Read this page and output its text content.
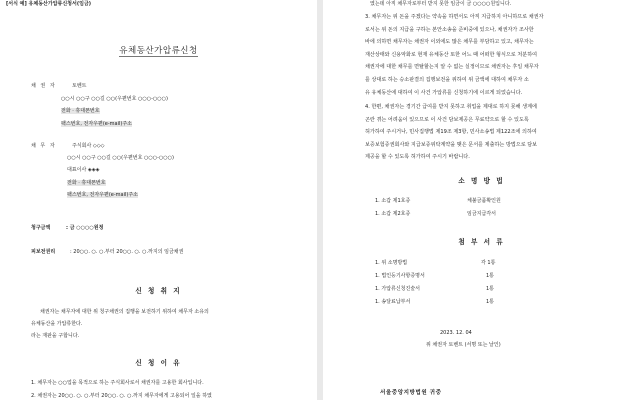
[서식 예] 유체동산가압류신청서(임금)
유체동산가압류신청
채 권 자	토벤트
○○시 ○○구 ○○길 ○○(우편번호 ○○○-○○○)
전화 · 휴대폰번호
팩스번호, 전자우편(e-mail)주소
채 무 자	주식회사 ◇◇◇
○○시 ○○구 ○○길 ○○(우편번호 ○○○-○○○)
대표이사 ◈◈◈
전화 · 휴대폰번호
팩스번호, 전자우편(e-mail)주소
청구금액	: 금 ○○○○원정
피보전권리	: 20○○. ○. ○.부터 20○○. ○. ○.까지의 임금채권
신 청 취 지
채권자는 채무자에 대한 위 청구채권의 집행을 보전하기 위하여 채무자 소유의
유체동산을 가압류한다.
라는 재판을 구합니다.
신 청 이 유
1. 채무자는 ○○업을 목적으로 하는 주식회사로서 채권자를 고용한 회사입니다.
2. 채권자는 20○○. ○. ○.부터 20○○. ○. ○.까지 채무자에게 고용되어 일을 하였
였는데 아직 채무자로부터 받지 못한 임금이 금 ○○○○원입니다.
3. 채무자는 위 돈을 주겠다는 약속을 하면서도 아직 지급하지 아니하므로 채권자
로서는 위 돈의 지급을 구하는 본안소송을 준비중에 있으나, 채권자가 조사한
바에 의하면 채무자는 채권자 이외에도 많은 채무를 부담하고 있고, 채무자는
재산상태와 신용악화로 현재 유체동산 또한 어느 때 어떠한 형식으로 처분하여
채권자에 대한 채무를 면탈할는지 알 수 없는 실정이므로 채권자는 후일 채무자
를 상대로 하는 승소판결의 집행보전을 위하여 위 금액에 대하여 채무자 소
유 유체동산에 대하여 이 사건 가압류를 신청하기에 이르게 되었습니다.
4. 한편, 채권자는 경기간 급여를 받지 못하고 취업을 제대로 하지 못해 생계에
곤란 겪는 어려움이 있으므로 이 사건 담보제공은 무료약으로 할 수 있도록
허가하여 주시거나, 민사집행법 제19조 제3항, 민사소송법 제122조에 의하여
보증보험증권회사와 지급보증위탁계약을 맺은 문서를 제출하는 방법으로 담보
제공을 할 수 있도록 허가하여 주시기 바랍니다.
소 명 방 법
1. 소갑 제1호증	체불금품확인원
1. 소갑 제2호증	임금지급각서
첨 부 서 류
1. 위 소명방법	각 1통
1. 법인등기사항증명서	1통
1. 가압류신청진술서	1통
1. 송달료납부서	1통
2023. 12. 04
위 채권자 토벤트 (서명 또는 날인)
서울중앙지방법원 귀중
